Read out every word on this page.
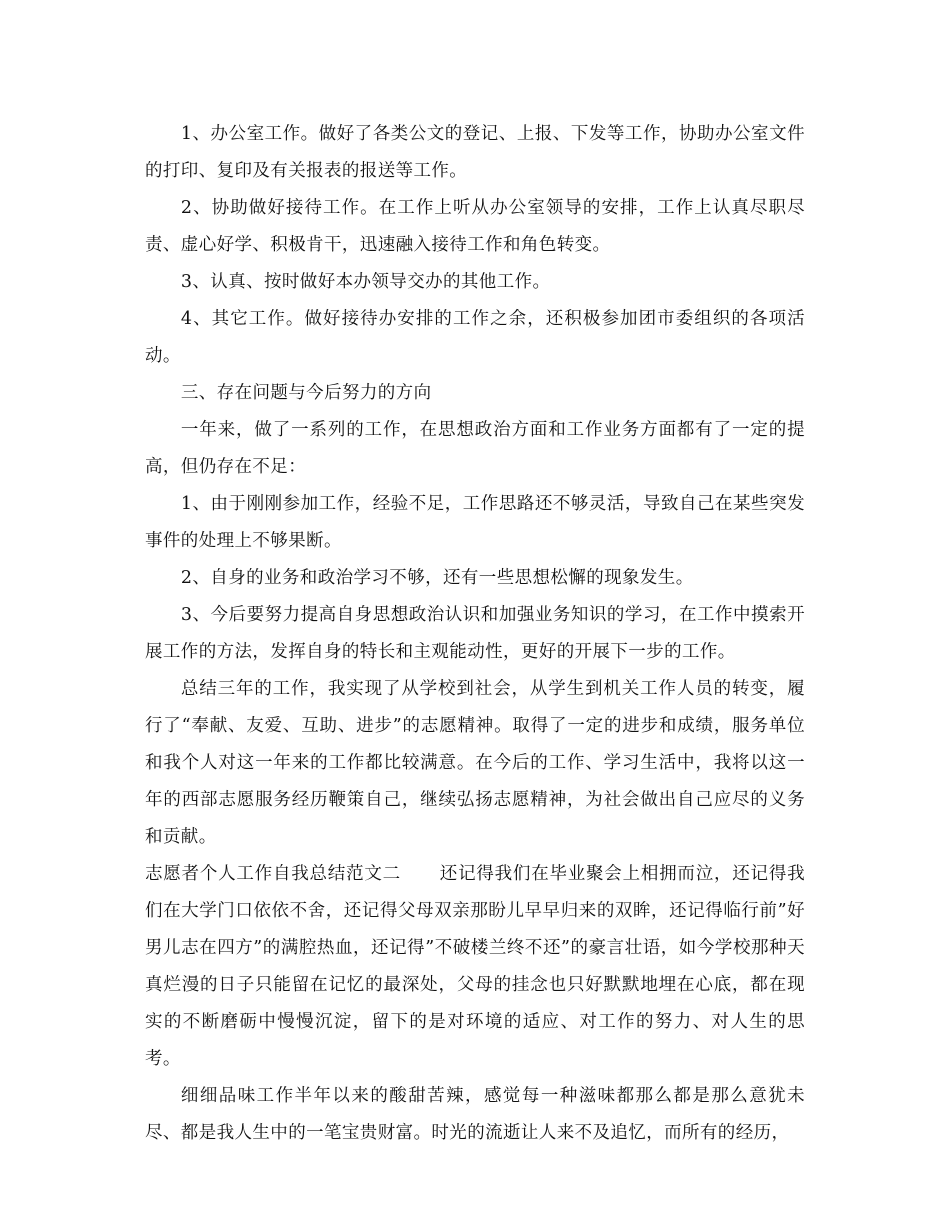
1、办公室工作。做好了各类公文的登记、上报、下发等工作，协助办公室文件的打印、复印及有关报表的报送等工作。

2、协助做好接待工作。在工作上听从办公室领导的安排，工作上认真尽职尽责、虚心好学、积极肯干，迅速融入接待工作和角色转变。

3、认真、按时做好本办领导交办的其他工作。

4、其它工作。做好接待办安排的工作之余，还积极参加团市委组织的各项活动。

三、存在问题与今后努力的方向

一年来，做了一系列的工作，在思想政治方面和工作业务方面都有了一定的提高，但仍存在不足：

1、由于刚刚参加工作，经验不足，工作思路还不够灵活，导致自己在某些突发事件的处理上不够果断。

2、自身的业务和政治学习不够，还有一些思想松懈的现象发生。

3、今后要努力提高自身思想政治认识和加强业务知识的学习，在工作中摸索开展工作的方法，发挥自身的特长和主观能动性，更好的开展下一步的工作。

总结三年的工作，我实现了从学校到社会，从学生到机关工作人员的转变，履行了“奉献、友爱、互助、进步”的志愿精神。取得了一定的进步和成绩，服务单位和我个人对这一年来的工作都比较满意。在今后的工作、学习生活中，我将以这一年的西部志愿服务经历鞭策自己，继续弘扬志愿精神，为社会做出自己应尽的义务和贡献。

志愿者个人工作自我总结范文二 还记得我们在毕业聚会上相拥而泣，还记得我们在大学门口依依不舍，还记得父母双亲那盼儿早早归来的双眸，还记得临行前”好男儿志在四方”的满腔热血，还记得”不破楼兰终不还”的豪言壮语，如今学校那种天真烂漫的日子只能留在记忆的最深处，父母的挂念也只好默默地埋在心底，都在现实的不断磨砺中慢慢沉淀，留下的是对环境的适应、对工作的努力、对人生的思考。

细细品味工作半年以来的酸甜苦辣，感觉每一种滋味都那么都是那么意犹未尽、都是我人生中的一笔宝贵财富。时光的流逝让人来不及追忆，而所有的经历，
